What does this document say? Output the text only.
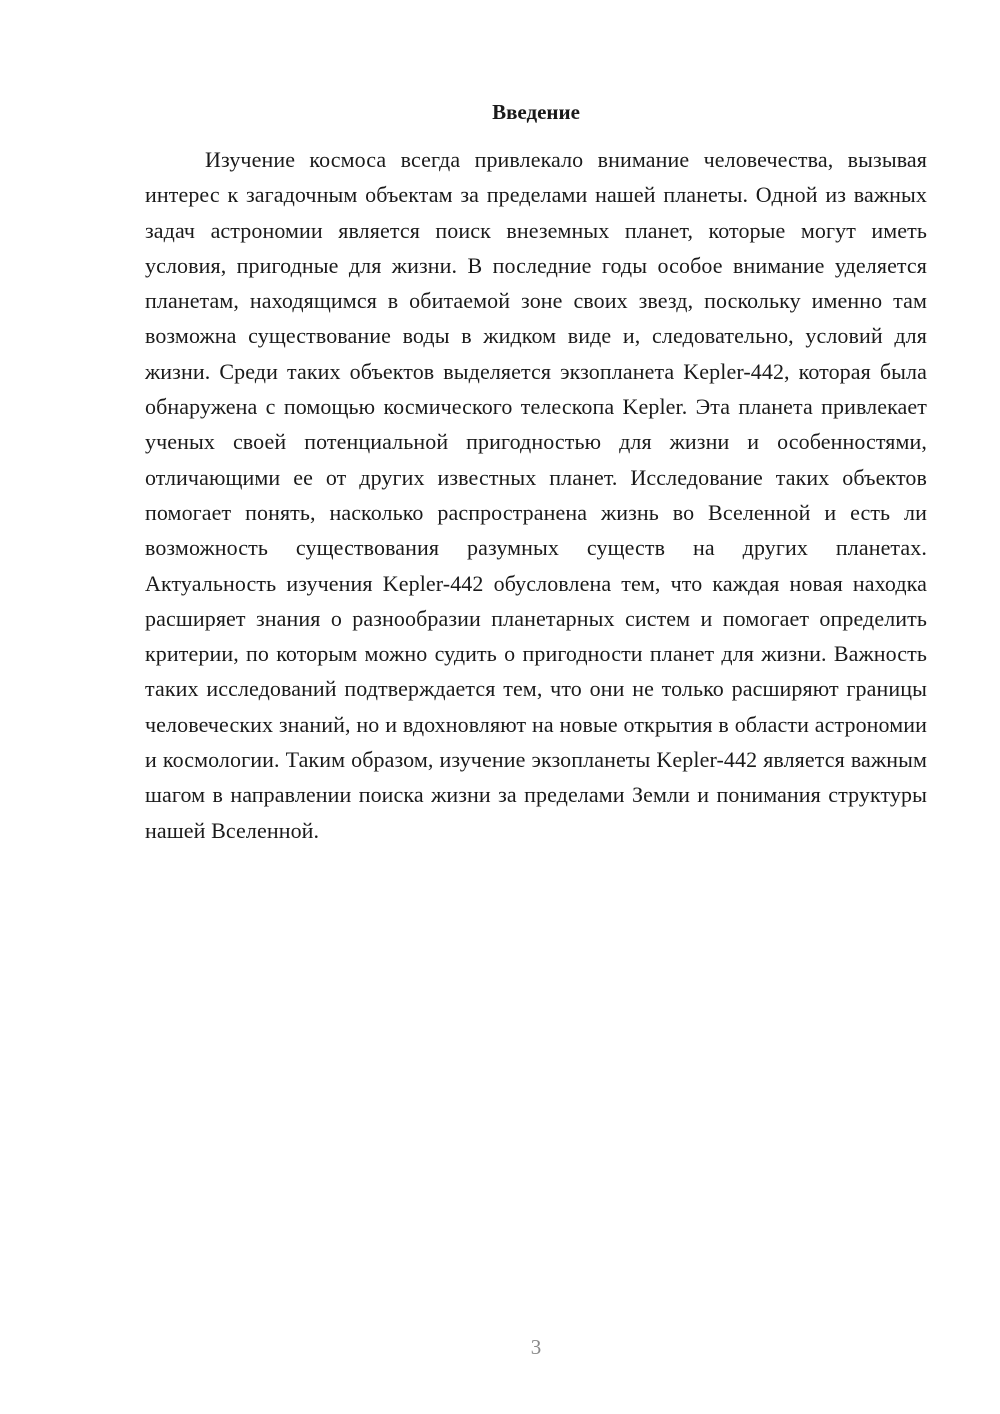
Введение

Изучение космоса всегда привлекало внимание человечества, вызывая интерес к загадочным объектам за пределами нашей планеты. Одной из важных задач астрономии является поиск внеземных планет, которые могут иметь условия, пригодные для жизни. В последние годы особое внимание уделяется планетам, находящимся в обитаемой зоне своих звезд, поскольку именно там возможна существование воды в жидком виде и, следовательно, условий для жизни. Среди таких объектов выделяется экзопланета Kepler-442, которая была обнаружена с помощью космического телескопа Kepler. Эта планета привлекает ученых своей потенциальной пригодностью для жизни и особенностями, отличающими ее от других известных планет. Исследование таких объектов помогает понять, насколько распространена жизнь во Вселенной и есть ли возможность существования разумных существ на других планетах. Актуальность изучения Kepler-442 обусловлена тем, что каждая новая находка расширяет знания о разнообразии планетарных систем и помогает определить критерии, по которым можно судить о пригодности планет для жизни. Важность таких исследований подтверждается тем, что они не только расширяют границы человеческих знаний, но и вдохновляют на новые открытия в области астрономии и космологии. Таким образом, изучение экзопланеты Kepler-442 является важным шагом в направлении поиска жизни за пределами Земли и понимания структуры нашей Вселенной.

3
